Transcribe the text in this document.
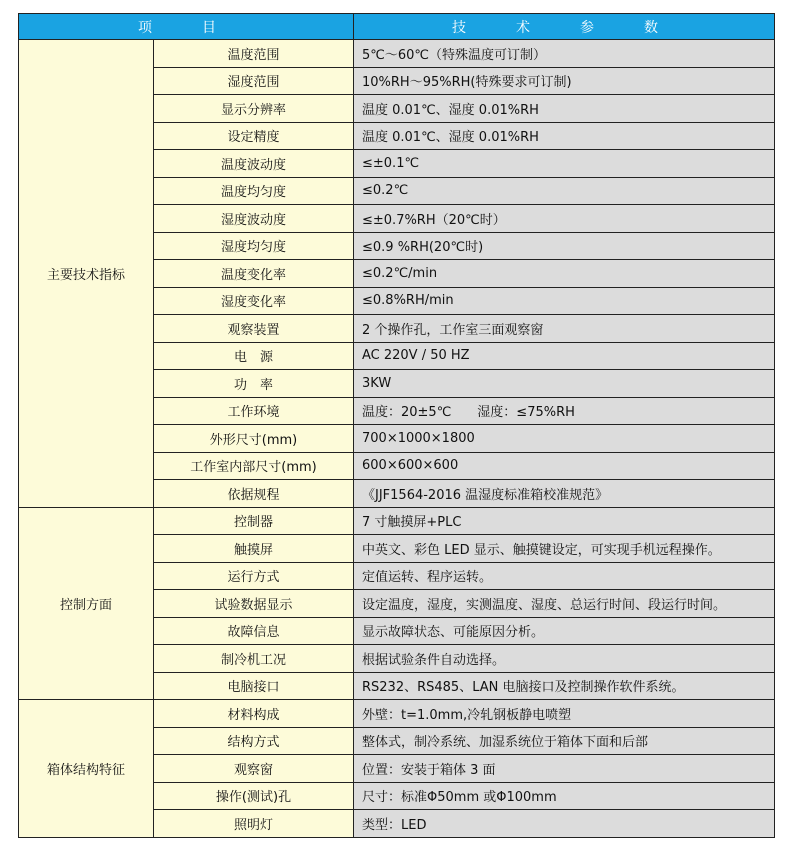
项　目		技　术　参　数
主要技术指标	温度范围	5℃～60℃（特殊温度可订制）
	湿度范围	10%RH～95%RH(特殊要求可订制)
	显示分辨率	温度 0.01℃、湿度 0.01%RH
	设定精度	温度 0.01℃、湿度 0.01%RH
	温度波动度	≤±0.1℃
	温度均匀度	≤0.2℃
	湿度波动度	≤±0.7%RH（20℃时）
	湿度均匀度	≤0.9 %RH(20℃时)
	温度变化率	≤0.2℃/min
	湿度变化率	≤0.8%RH/min
	观察装置	2 个操作孔，工作室三面观察窗
	电　源	AC 220V / 50 HZ
	功　率	3KW
	工作环境	温度：20±5℃　　湿度：≤75%RH
	外形尺寸(mm)	700×1000×1800
	工作室内部尺寸(mm)	600×600×600
	依据规程	《JJF1564-2016 温湿度标准箱校准规范》
控制方面	控制器	7 寸触摸屏+PLC
	触摸屏	中英文、彩色 LED 显示、触摸键设定，可实现手机远程操作。
	运行方式	定值运转、程序运转。
	试验数据显示	设定温度，湿度，实测温度、湿度、总运行时间、段运行时间。
	故障信息	显示故障状态、可能原因分析。
	制冷机工况	根据试验条件自动选择。
	电脑接口	RS232、RS485、LAN 电脑接口及控制操作软件系统。
箱体结构特征	材料构成	外壁：t=1.0mm,冷轧钢板静电喷塑
	结构方式	整体式，制冷系统、加湿系统位于箱体下面和后部
	观察窗	位置：安装于箱体 3 面
	操作(测试)孔	尺寸：标准Φ50mm 或Φ100mm
	照明灯	类型：LED
